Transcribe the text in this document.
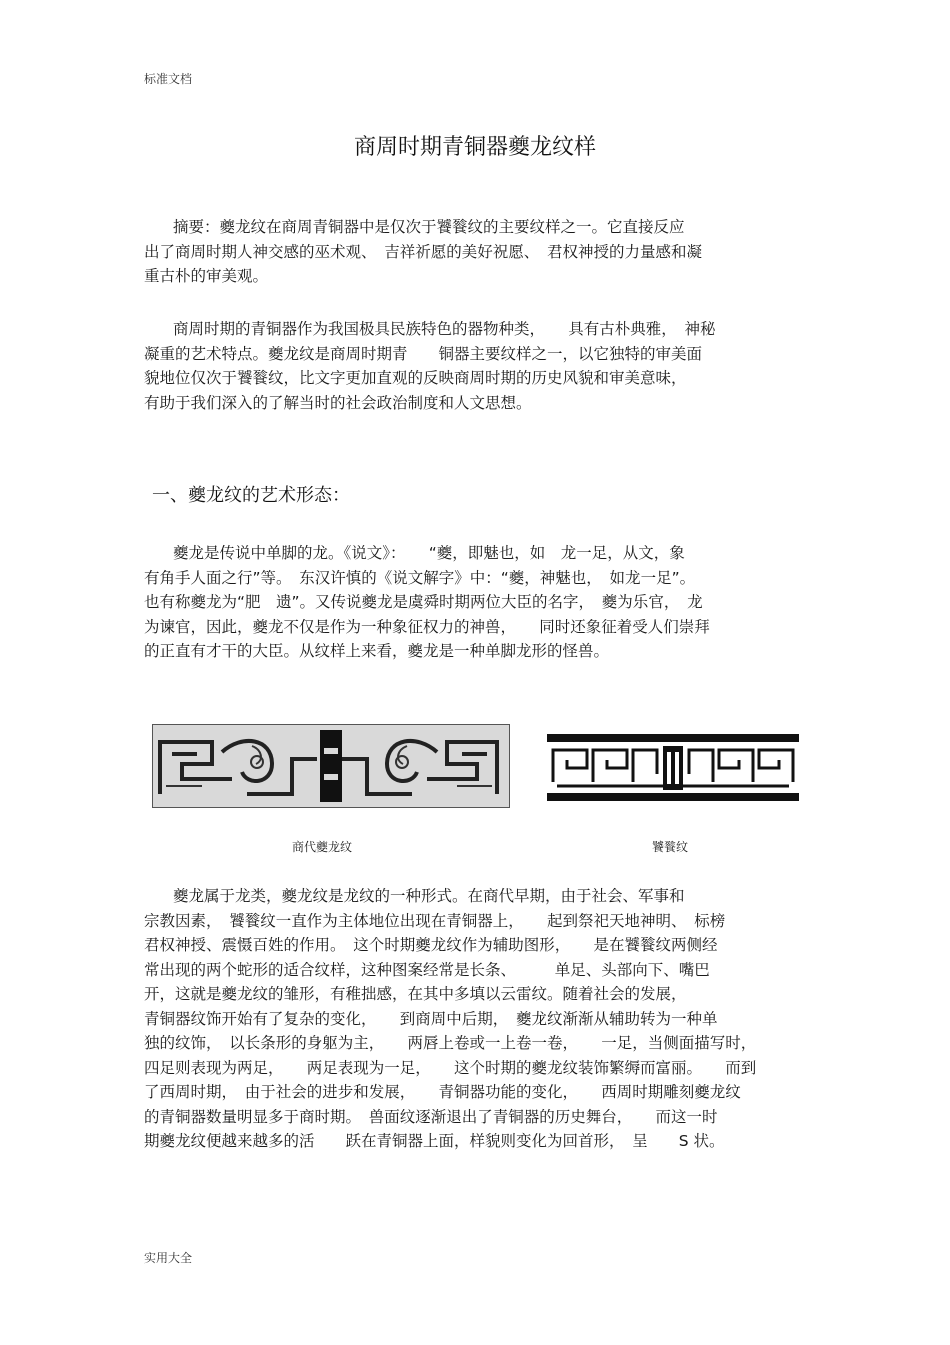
标准文档
商周时期青铜器夔龙纹样
摘要：夔龙纹在商周青铜器中是仅次于饕餮纹的主要纹样之一。它直接反应
出了商周时期人神交感的巫术观、　吉祥祈愿的美好祝愿、　君权神授的力量感和凝
重古朴的审美观。
商周时期的青铜器作为我国极具民族特色的器物种类，　　具有古朴典雅，　神秘
凝重的艺术特点。夔龙纹是商周时期青　　铜器主要纹样之一，以它独特的审美面
貌地位仅次于饕餮纹，比文字更加直观的反映商周时期的历史风貌和审美意味，
有助于我们深入的了解当时的社会政治制度和人文思想。
一、夔龙纹的艺术形态：
夔龙是传说中单脚的龙。《说文》：　　“夔，即魅也，如　龙一足，从文，象
有角手人面之行”等。　东汉许慎的《说文解字》中：“夔，神魅也，　如龙一足”。
也有称夔龙为“肥　遗”。又传说夔龙是虞舜时期两位大臣的名字，　夔为乐官，　龙
为谏官，因此，夔龙不仅是作为一种象征权力的神兽，　　同时还象征着受人们崇拜
的正直有才干的大臣。从纹样上来看，夔龙是一种单脚龙形的怪兽。
商代夔龙纹	饕餮纹
夔龙属于龙类，夔龙纹是龙纹的一种形式。在商代早期，由于社会、军事和
宗教因素，　饕餮纹一直作为主体地位出现在青铜器上，　　起到祭祀天地神明、　标榜
君权神授、震慑百姓的作用。　这个时期夔龙纹作为辅助图形，　　是在饕餮纹两侧经
常出现的两个蛇形的适合纹样，这种图案经常是长条、　　　单足、头部向下、嘴巴
开，这就是夔龙纹的雏形，有稚拙感，在其中多填以云雷纹。随着社会的发展，
青铜器纹饰开始有了复杂的变化，　　到商周中后期，　夔龙纹渐渐从辅助转为一种单
独的纹饰，　以长条形的身躯为主，　　两唇上卷或一上卷一卷，　　一足，当侧面描写时，
四足则表现为两足，　　两足表现为一足，　　这个时期的夔龙纹装饰繁缛而富丽。　　而到
了西周时期，　由于社会的进步和发展，　　青铜器功能的变化，　　西周时期雕刻夔龙纹
的青铜器数量明显多于商时期。　兽面纹逐渐退出了青铜器的历史舞台，　　而这一时
期夔龙纹便越来越多的活　　跃在青铜器上面，样貌则变化为回首形，　呈　　S 状。
实用大全
